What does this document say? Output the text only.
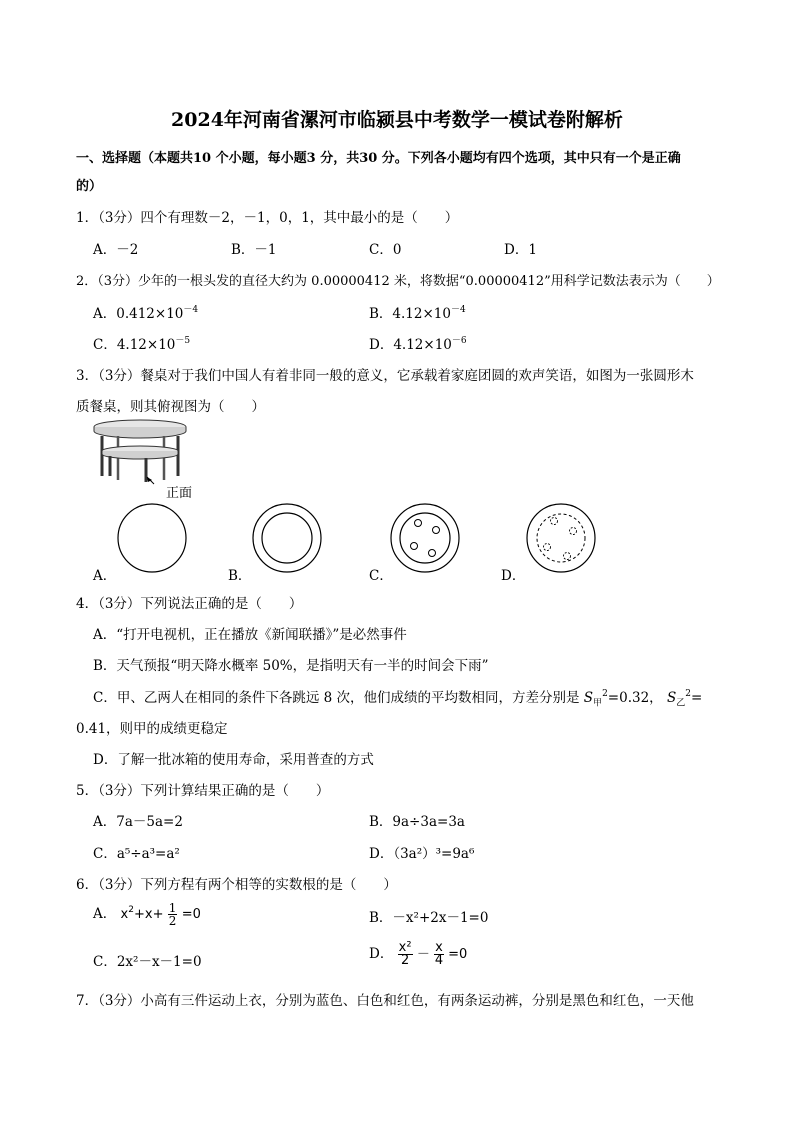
2024年河南省漯河市临颍县中考数学一模试卷附解析
一、选择题（本题共10 个小题，每小题3 分，共30 分。下列各小题均有四个选项，其中只有一个是正确
的）
1．（3分）四个有理数－2，－1，0，1，其中最小的是（　　）
A．－2	B．－1	C．0	D．1
2．（3分）少年的一根头发的直径大约为 0.00000412 米，将数据“0.00000412”用科学记数法表示为（　　）
A．$0.412\times 10^{-4}$	B．$4.12\times 10^{-4}$
C．$4.12\times 10^{-5}$	D．$4.12\times 10^{-6}$
3．（3分）餐桌对于我们中国人有着非同一般的意义，它承载着家庭团圆的欢声笑语，如图为一张圆形木
质餐桌，则其俯视图为（　　）
正面
A．	B．	C．	D．
4．（3分）下列说法正确的是（　　）
A．“打开电视机，正在播放《新闻联播》”是必然事件
B．天气预报“明天降水概率 50%，是指明天有一半的时间会下雨”
C．甲、乙两人在相同的条件下各跳远 8 次，他们成绩的平均数相同，方差分别是 $S_甲^2=0.32$， $S_乙^2=$
0.41，则甲的成绩更稳定
D．了解一批冰箱的使用寿命，采用普查的方式
5．（3分）下列计算结果正确的是（　　）
A．7a－5a=2	B．9a÷3a=3a
C．a⁵÷a³=a²	D．（3a²）³=9a⁶
6．（3分）下列方程有两个相等的实数根的是（　　）
A． $x^2+x+ \frac{1}{2} =0$	B．－x²+2x－1=0
C．2x²－x－1=0	D． $\frac{\text{x²}}{2} - \frac{x}{4} =0$
7．（3分）小高有三件运动上衣，分别为蓝色、白色和红色，有两条运动裤，分别是黑色和红色，一天他
